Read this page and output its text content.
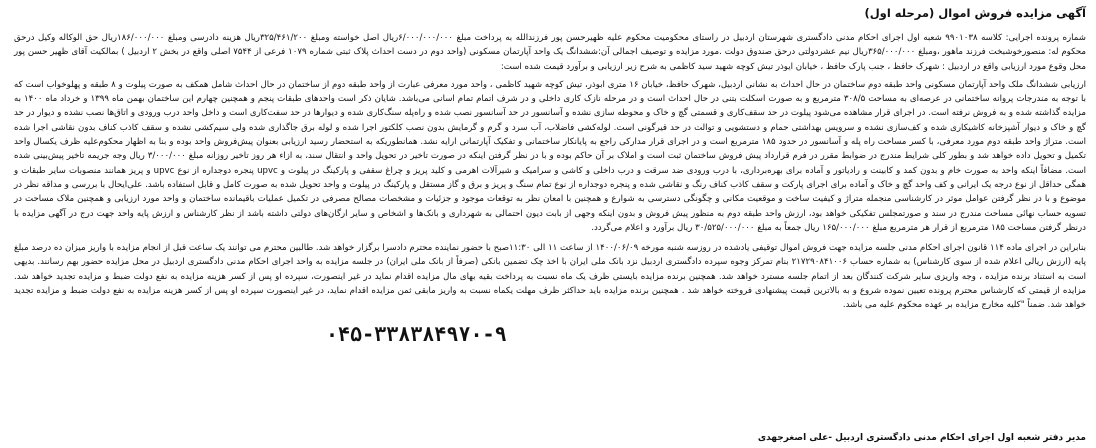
آگهی مزایده فروش اموال (مرحله اول)

شماره پرونده اجرایی: کلاسه ۹۹۰۱۰۳۸ شعبه اول اجرای احکام مدنی دادگستری شهرستان اردبیل در راستای محکومیت محکوم علیه ظهیرحسن پور فرزندالله به پرداخت مبلغ ۶/۰۰۰/۰۰۰/۰۰۰ریال اصل خواسته ومبلغ ۳۲۵/۴۶۱/۲۰۰ریال هزینه دادرسی ومبلغ ۱۸۶/۰۰۰/۰۰۰ریال حق الوکاله وکیل درحق محکوم له: منصورخوشبخت فرزند ماهور ،ومبلغ ۳۶۵/۰۰۰/۰۰۰ریال نیم عشردولتی درحق صندوق دولت .مورد مزایده و توصیف اجمالی آن:ششدانگ یک واحد آپارتمان مسکونی (واحد دوم در دست احداث پلاک ثبتی شماره ۱۰۷۹ فرعی از ۷۵۴۴ اصلی واقع در بخش ۲ اردبیل ) بمالکیت آقای ظهیر حسن پور محل وقوع مورد ارزیابی واقع در اردبیل : شهرک حافظ ، جنب پارک حافظ ، خیابان ایوذر تیش کوچه شهید سید کاظمی به شرح زیر ارزیابی و برآورد قیمت شده است:

ارزیابی ششدانگ ملک واحد آپارتمان مسکونی واحد طبقه دوم ساختمان در حال احداث به نشانی اردبیل، شهرک حافظ، خیابان ۱۶ متری ابوذر، تیش کوچه شهید کاظمی ، واحد مورد معرفی عبارت از واحد طبقه دوم از ساختمان در حال احداث شامل همکف به صورت پیلوت و ۸ طبقه و پهلوخواب است که با توجه به مندرجات پروانه ساختمانی در عرصه‌ای به مساحت ۳۰۸/۵ مترمربع و به صورت اسکلت بتنی در حال احداث است و در مرحله نازک کاری داخلی و در شرف اتمام تمام اسانی می‌باشد. شایان ذکر است واحدهای طبقات پنجم و همچنین چهارم این ساختمان بهمن ماه ۱۳۹۹ و خرداد ماه ۱۴۰۰ به مزایده گذاشته شده و به فروش نرفته است. در اجرای قرار مشاهده می‌شود پیلوت در حد سقف‌کاری و قسمتی گچ و خاک و محوطه سازی نشده و آسانسور در حد آسانسور نصب شده و راه‌پله سنگ‌کاری شده و دیوارها در حد سفت‌کاری است و داخل واحد درب ورودی و اتاق‌ها نصب نشده و دیوار در حد گچ و خاک و دیوار آشپزخانه کاشیکاری شده و کف‌سازی نشده و سرویس بهداشتی حمام و دستشویی و توالت در حد قیرگونی است. لوله‌کشی فاضلاب، آب سرد و گرم و گرمایش بدون نصب کلکتور اجرا شده و لوله برق جاگذاری شده ولی سیم‌کشی نشده و سقف کاذب کناف بدون نقاشی اجرا شده است. متراژ واحد طبقه دوم مورد معرفی، با کسر مساحت راه پله و آسانسور در حدود ۱۸۵ مترمربع است و در اجرای قرار مدارکی راجع به پایانکار ساختمانی و تفکیک آپارتمانی ارایه نشد. همانطوریکه به استحضار رسید ارزیابی بعنوان پیش‌فروش واحد بوده و بنا به اظهار محکوم‌علیه ظرف یکسال واحد تکمیل و تحویل داده خواهد شد و بطور کلی شرایط مندرج در ضوابط مقرر در فرم قرارداد پیش فروش ساختمان ثبت است و املاک بر آن حاکم بوده و با در نظر گرفتن اینکه در صورت تاخیر در تحویل واحد و انتقال سند، به ازاء هر روز تاخیر روزانه مبلغ ۳/۰۰۰/۰۰۰ ریال وجه جریمه تاخیر پیش‌بینی شده است. مضافاً اینکه واحد به صورت خام و بدون کمد و کابینت و رادیاتور و آماده برای بهره‌برداری، با درب ورودی ضد سرقت و درب داخلی و کاشی و سرامیک و شیرآلات اهرمی و کلید پریز و چراغ سقفی و پارکینگ در پیلوت و upvc پنجره دوجداره از نوع upvc و پریز همانند منصوبات سایر طبقات و همگی حداقل از نوع درجه یک ایرانی و کف واحد گچ و خاک و آماده برای اجرای پارکت و سقف کاذب کناف رنگ و نقاشی شده و پنجره دوجداره از نوع تمام سنگ و پریز و برق و گاز مستقل و پارکینگ در پیلوت و واحد تحویل شده به صورت کامل و قابل استفاده باشد. علی‌ایحال با بررسی و مداقه نظر در موضوع و با در نظر گرفتن عوامل موثر در کارشناسی منجمله متراژ و کیفیت ساخت و موقعیت مکانی و چگونگی دسترسی به شوارع و همچنین با امعان نظر به توقعات موجود و جزئیات و مشخصات مصالح مصرفی در تکمیل عملیات باقیمانده ساختمان و واحد مورد ارزیابی و همچنین ملاک مساحت در تسویه حساب نهائی مساحت مندرج در سند و صورتمجلس تفکیکی خواهد بود، ارزش واحد طبقه دوم به منظور پیش فروش و بدون اینکه وجهی از بابت دیون احتمالی به شهرداری و بانک‌ها و اشخاص و سایر ارگان‌های دولتی داشته باشد از نظر کارشناس و ارزش پایه واحد جهت درج در آگهی مزایده با درنظر گرفتن مساحت ۱۸۵ مترمربع از قرار هر مترمربع مبلغ ۱۶۵/۰۰۰/۰۰۰ ریال جمعاً به مبلغ ۳۰/۵۲۵/۰۰۰/۰۰۰ ریال برآورد و اعلام می‌گردد.

بنابراین در اجرای ماده ۱۱۴ قانون اجرای احکام مدنی جلسه مزایده جهت فروش اموال توقیفی یادشده در روزسه شنبه مورخه ۱۴۰۰/۰۶/۰۹ از ساعت ۱۱ الی ۱۱:۳۰صبح با حضور نماینده محترم دادسرا برگزار خواهد شد. طالبین محترم می توانند یک ساعت قبل از انجام مزایده با واریز میزان ده درصد مبلغ پایه (ارزش ریالی اعلام شده از سوی کارشناس) به شماره حساب ۲۱۷۲۹۰۸۴۱۰۰۶ بنام تمرکز وجوه سپرده دادگستری اردبیل نزد بانک ملی ایران با اخذ چک تضمین بانکی (صرفاً از بانک ملی ایران) در جلسه مزایده به واحد اجرای احکام مدنی دادگستری اردبیل در محل مزایده حضور بهم رسانند. بدیهی است به استناد برنده مزایده ، وجه واریزی سایر شرکت کنندگان بعد از اتمام جلسه مسترد خواهد شد. همچنین برنده مزایده بایستی ظرف یک ماه نسبت به پرداخت بقیه بهای مال مزایده اقدام نماید در غیر اینصورت، سپرده او پس از کسر هزینه مزایده به نفع دولت ضبط و مزایده تجدید خواهد شد. مزایده از قیمتی که کارشناس محترم پرونده تعیین نموده شروع و به بالاترین قیمت پیشنهادی فروخته خواهد شد . همچنین برنده مزایده باید حداکثر ظرف مهلت یکماه نسبت به واریز مابقی ثمن مزایده اقدام نماید، در غیر اینصورت سپرده او پس از کسر هزینه مزایده به نفع دولت ضبط و مزایده تجدید خواهد شد. ضمناً "کلیه مخارج مزایده بر عهده محکوم علیه می باشد.

۰۴۵-۳۳۸۳۸۴۹۷۰-۹
مدیر دفتر شعبه اول اجرای احکام مدنی دادگستری اردبیل -علی اصغرجهدی
